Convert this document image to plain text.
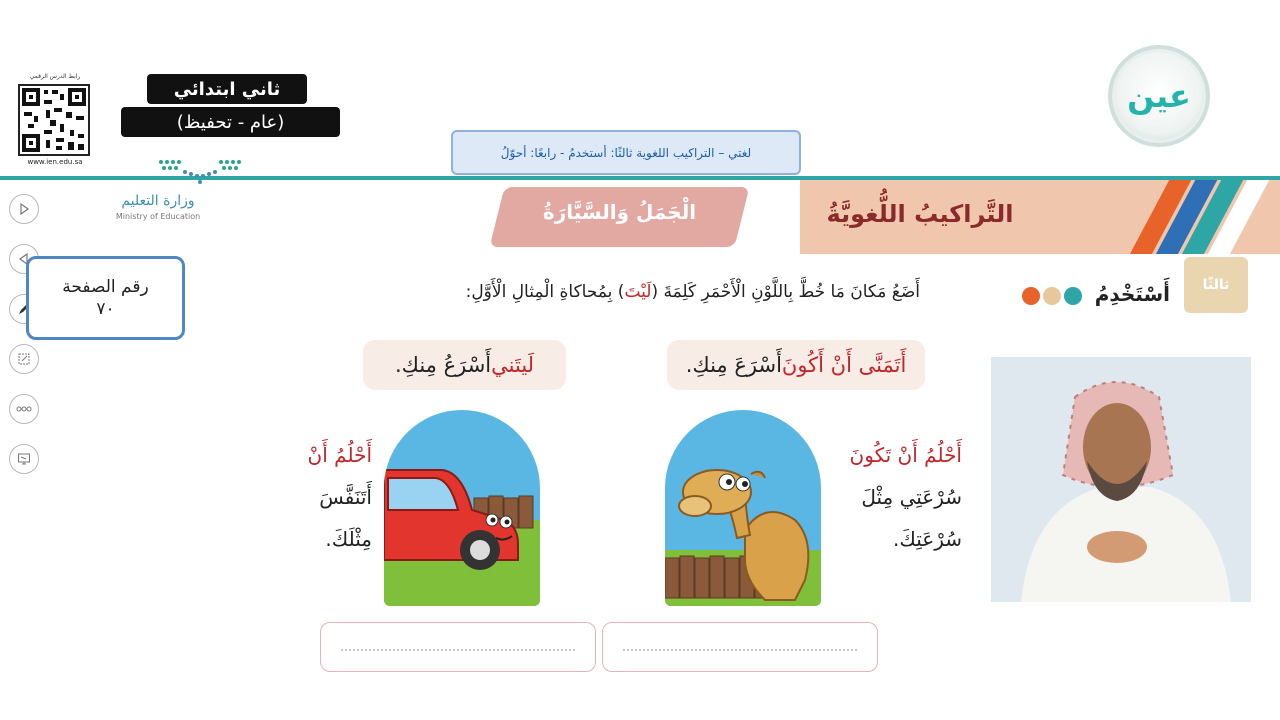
رابط الدرس الرقمي
www.ien.edu.sa
ثاني ابتدائي
(عام - تحفيظ)
وزارة التعليم
Ministry of Education
لغتي – التراكيب اللغوية ثالثًا: أستخدمُ - رابعًا: أحوّلُ
عين
رقم الصفحة
٧٠
التَّراكيبُ اللُّغويَّةُ
الْجَمَلُ وَالسَّيَّارَةُ
ثالثًا
أَسْتَخْدِمُ
أَضَعُ مَكانَ مَا خُطَّ بِاللَّوْنِ الْأَحْمَرِ كَلِمَةَ (لَيْتَ) بِمُحاكاةِ الْمِثالِ الْأَوَّلِ:
أَتَمَنَّى أَنْ أَكُونَ
أَسْرَعَ مِنكِ.
لَيتَني
أَسْرَعُ مِنكِ.
أَحْلُمُ أَنْ تَكُونَ
سُرْعَتِي مِثْلَ
سُرْعَتِكَ.
أَحْلُمُ أَنْ
أَتَنَفَّسَ
مِثْلَكَ.
